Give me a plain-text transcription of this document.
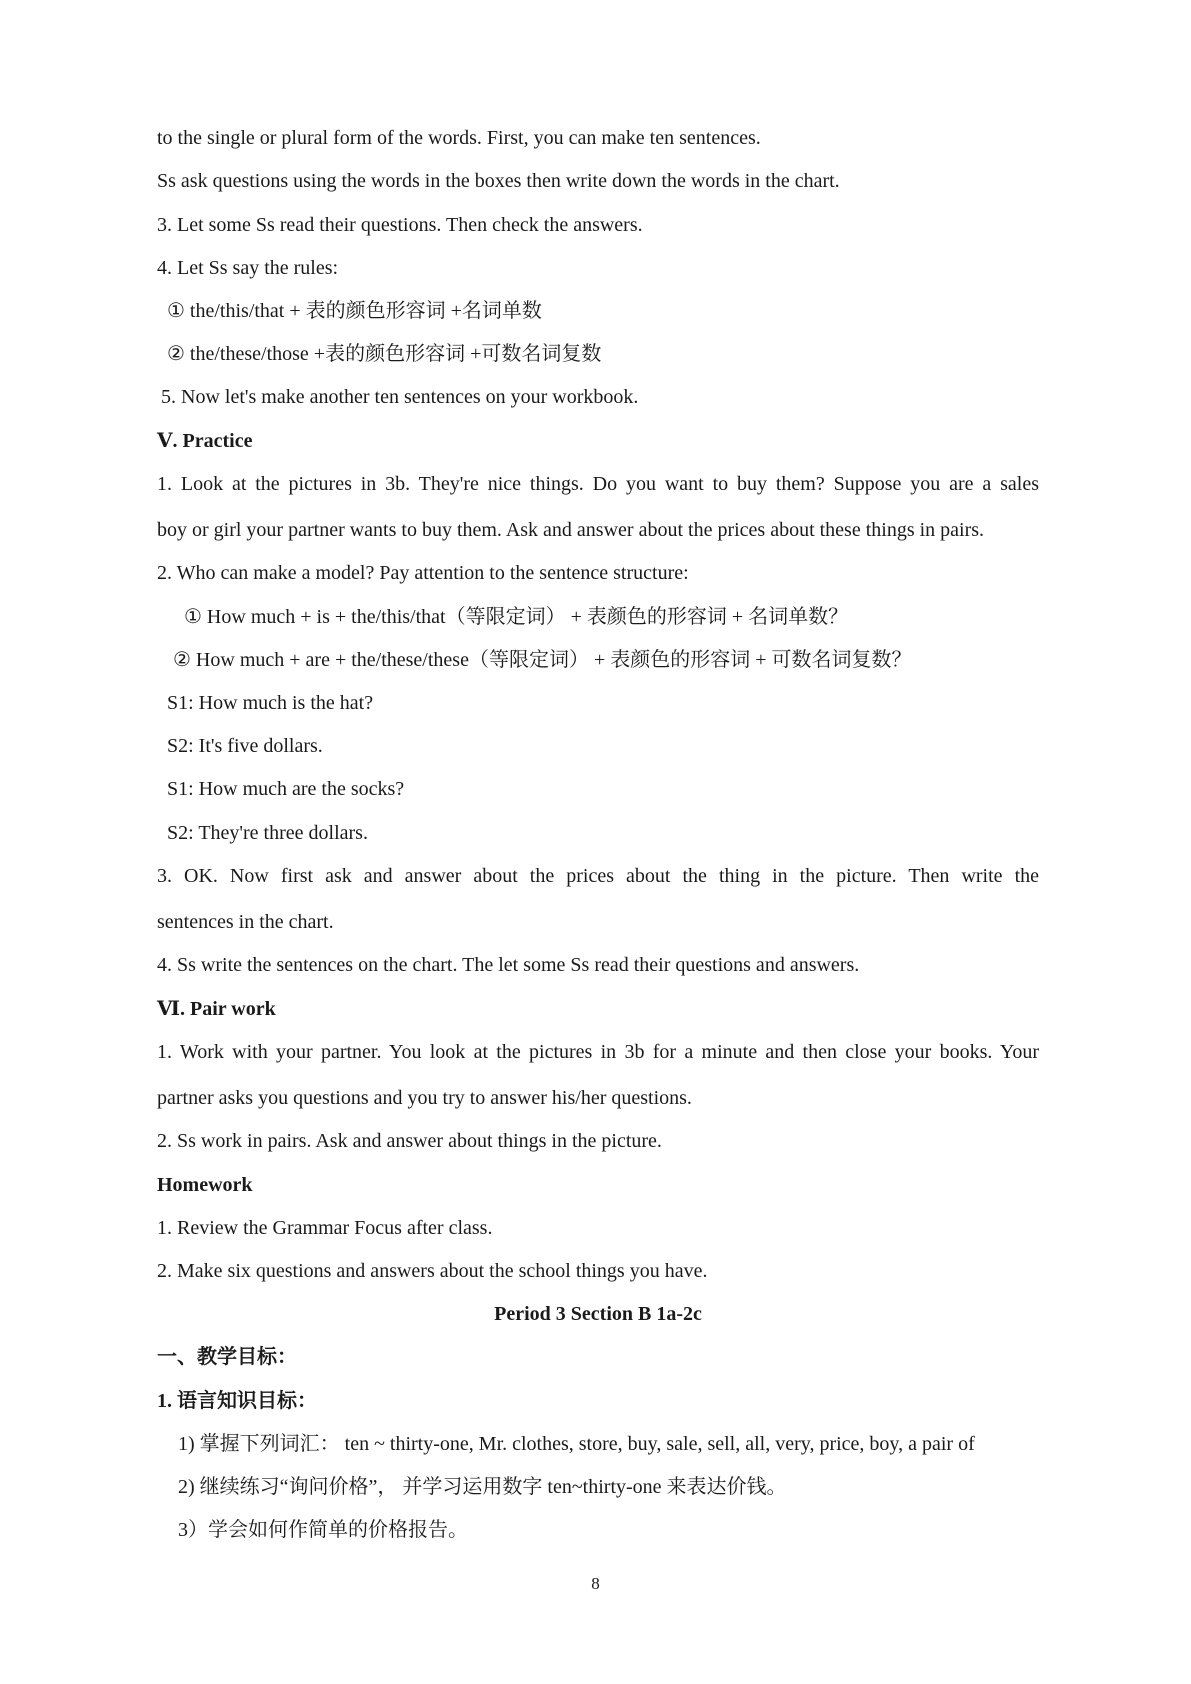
to the single or plural form of the words. First, you can make ten sentences.
Ss ask questions using the words in the boxes then write down the words in the chart.
3. Let some Ss read their questions. Then check the answers.
4. Let Ss say the rules:
① the/this/that + 表的颜色形容词 +名词单数
② the/these/those +表的颜色形容词 +可数名词复数
5. Now let's make another ten sentences on your workbook.
Ⅴ. Practice
1. Look at the pictures in 3b. They're nice things. Do you want to buy them? Suppose you are a sales
boy or girl your partner wants to buy them. Ask and answer about the prices about these things in pairs.
2. Who can make a model? Pay attention to the sentence structure:
① How much + is + the/this/that（等限定词） + 表颜色的形容词 + 名词单数？
② How much + are + the/these/these（等限定词） + 表颜色的形容词 + 可数名词复数？
S1: How much is the hat?
S2: It's five dollars.
S1: How much are the socks?
S2: They're three dollars.
3. OK. Now first ask and answer about the prices about the thing in the picture. Then write the
sentences in the chart.
4. Ss write the sentences on the chart. The let some Ss read their questions and answers.
Ⅵ. Pair work
1. Work with your partner. You look at the pictures in 3b for a minute and then close your books. Your
partner asks you questions and you try to answer his/her questions.
2. Ss work in pairs. Ask and answer about things in the picture.
Homework
1. Review the Grammar Focus after class.
2. Make six questions and answers about the school things you have.
Period 3 Section B 1a-2c
一、教学目标：
1. 语言知识目标：
1) 掌握下列词汇： ten ~ thirty-one, Mr. clothes, store, buy, sale, sell, all, very, price, boy, a pair of
2) 继续练习“询问价格”， 并学习运用数字 ten~thirty-one 来表达价钱。
3）学会如何作简单的价格报告。
8
